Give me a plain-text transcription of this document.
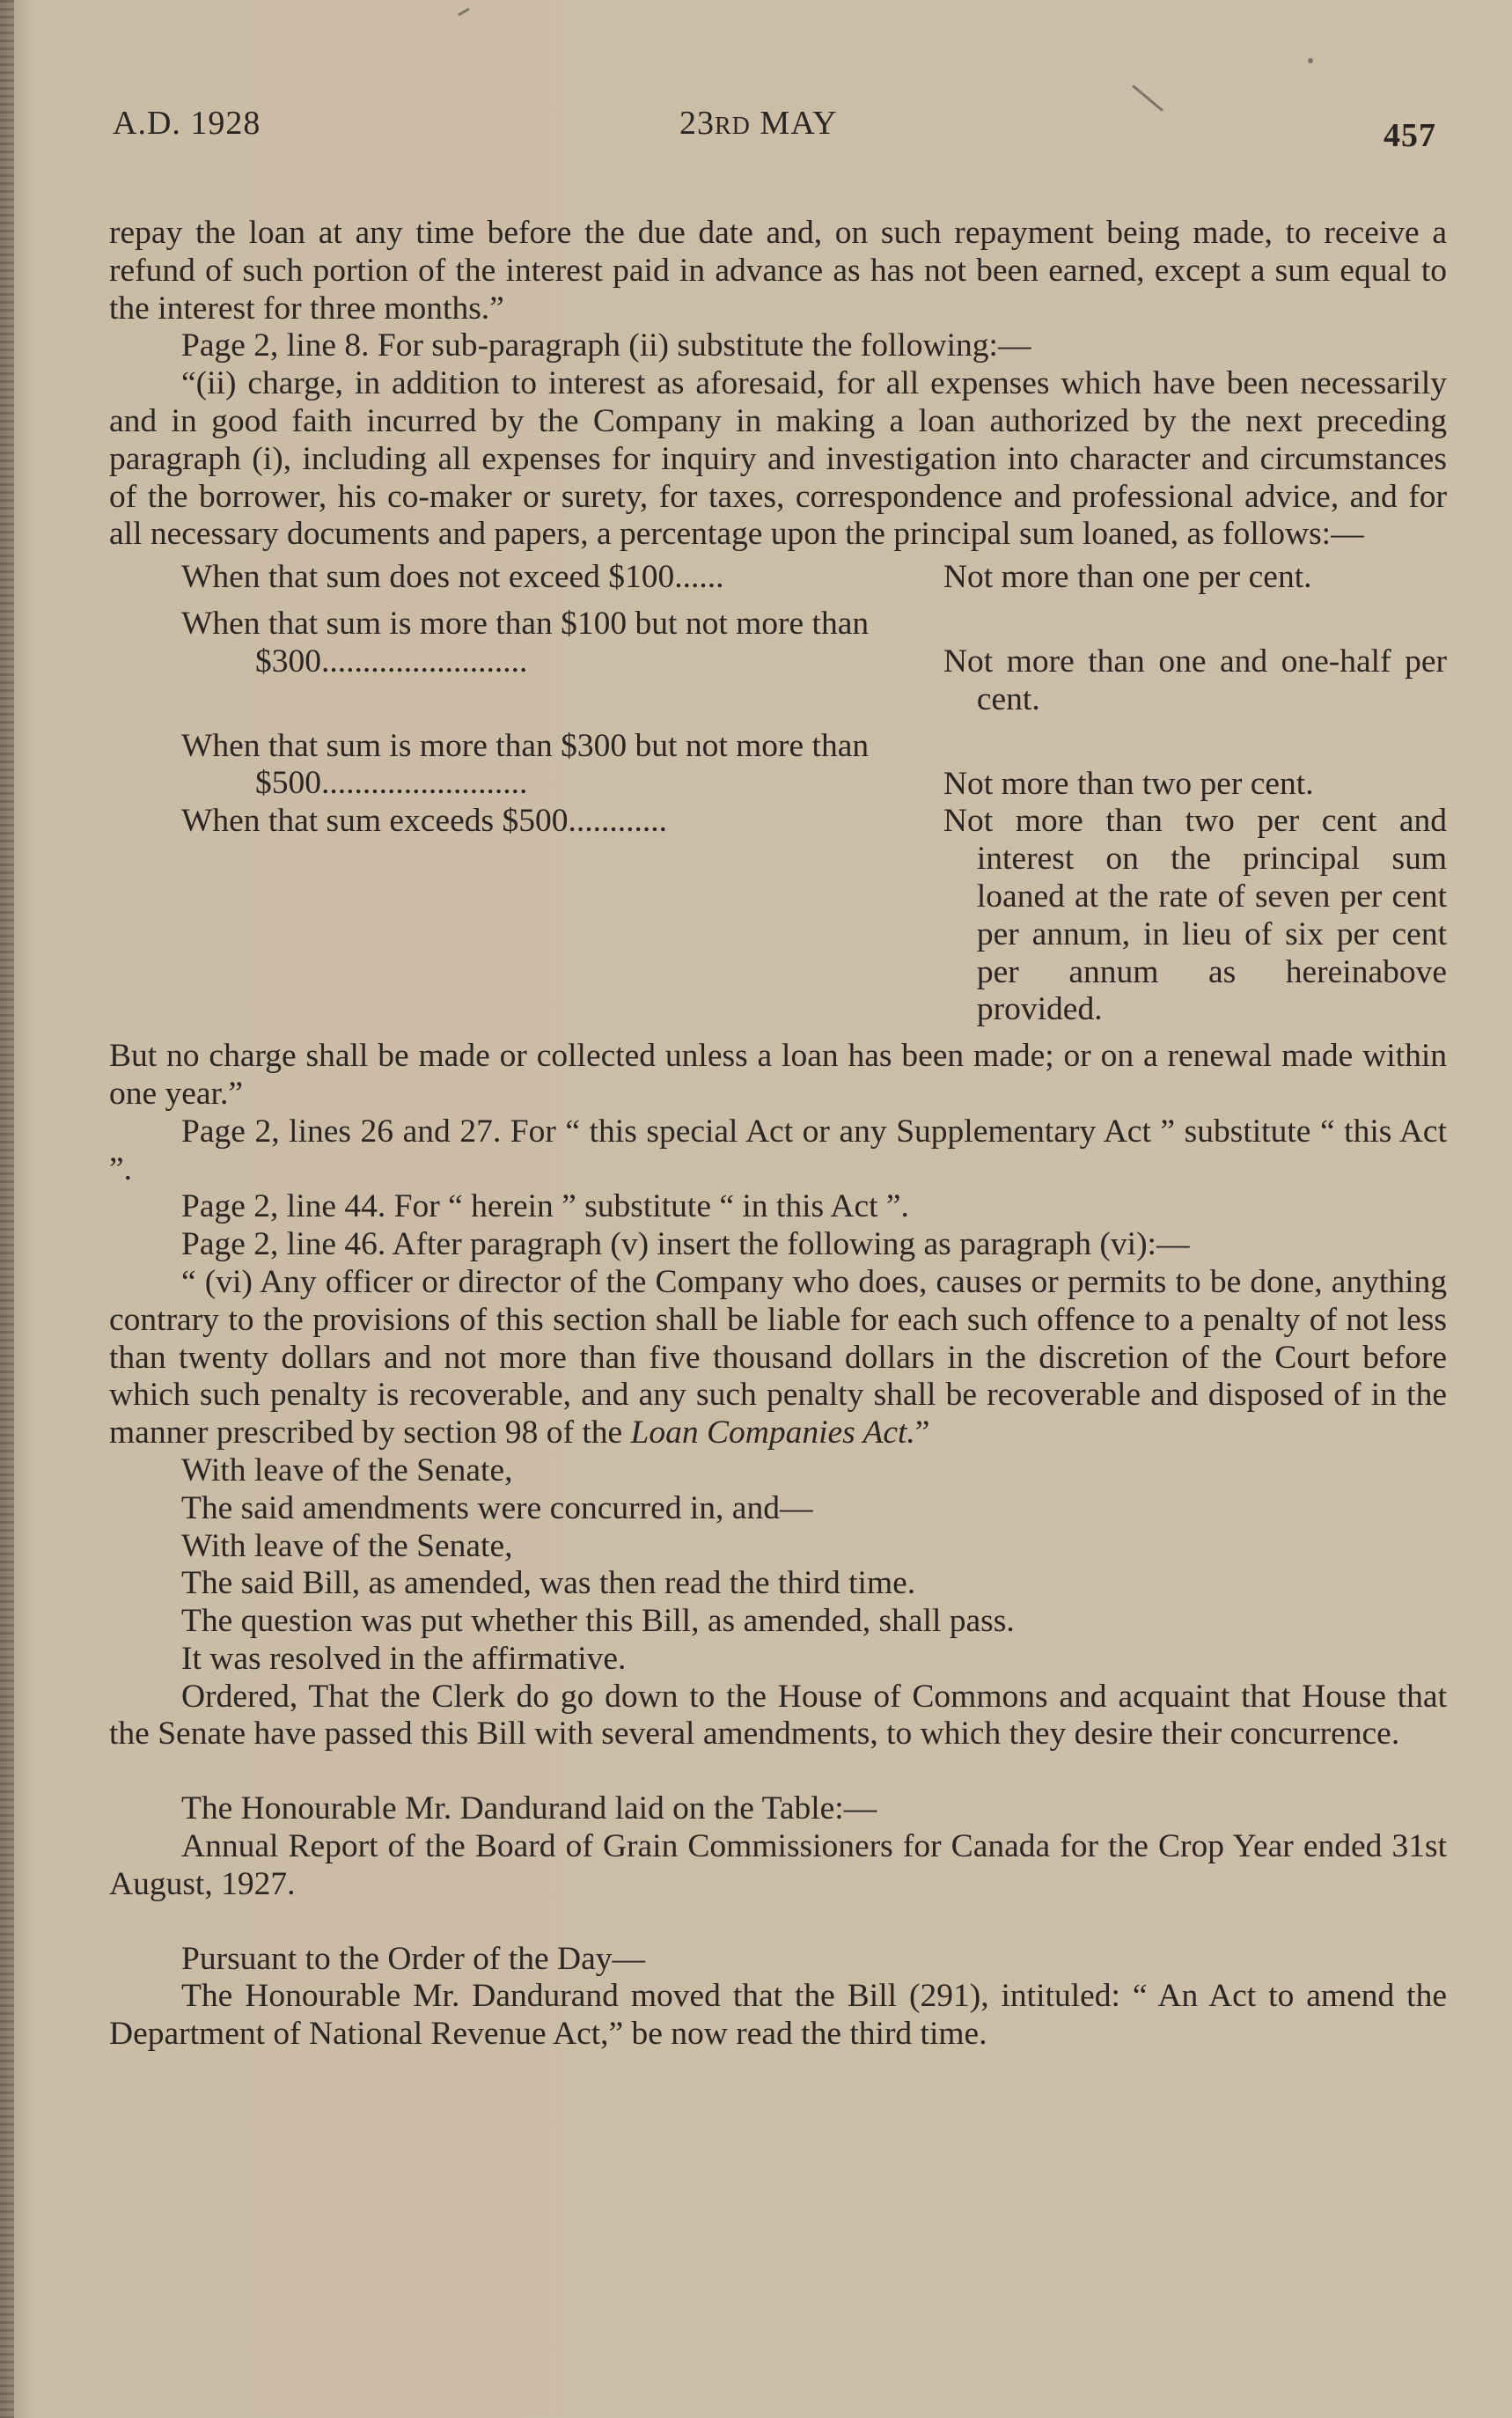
A.D. 1928	23RD MAY	457

repay the loan at any time before the due date and, on such repayment being made, to receive a refund of such portion of the interest paid in advance as has not been earned, except a sum equal to the interest for three months.”

Page 2, line 8. For sub-paragraph (ii) substitute the following:—

“(ii) charge, in addition to interest as aforesaid, for all expenses which have been necessarily and in good faith incurred by the Company in making a loan authorized by the next preceding paragraph (i), including all expenses for inquiry and investigation into character and circumstances of the borrower, his co-maker or surety, for taxes, correspondence and professional advice, and for all necessary documents and papers, a percentage upon the principal sum loaned, as follows:—

When that sum does not exceed $100......	Not more than one per cent.
When that sum is more than $100 but not more than $300.........................	Not more than one and one-half per cent.
When that sum is more than $300 but not more than $500.........................	Not more than two per cent.
When that sum exceeds $500............	Not more than two per cent and interest on the principal sum loaned at the rate of seven per cent per annum, in lieu of six per cent per annum as hereinabove provided.

But no charge shall be made or collected unless a loan has been made; or on a renewal made within one year.”

Page 2, lines 26 and 27. For “ this special Act or any Supplementary Act ” substitute “ this Act ”.

Page 2, line 44. For “ herein ” substitute “ in this Act ”.

Page 2, line 46. After paragraph (v) insert the following as paragraph (vi):—

“ (vi) Any officer or director of the Company who does, causes or permits to be done, anything contrary to the provisions of this section shall be liable for each such offence to a penalty of not less than twenty dollars and not more than five thousand dollars in the discretion of the Court before which such penalty is recoverable, and any such penalty shall be recoverable and disposed of in the manner prescribed by section 98 of the Loan Companies Act.”

With leave of the Senate,

The said amendments were concurred in, and—

With leave of the Senate,

The said Bill, as amended, was then read the third time.

The question was put whether this Bill, as amended, shall pass.

It was resolved in the affirmative.

Ordered, That the Clerk do go down to the House of Commons and acquaint that House that the Senate have passed this Bill with several amendments, to which they desire their concurrence.

The Honourable Mr. Dandurand laid on the Table:—

Annual Report of the Board of Grain Commissioners for Canada for the Crop Year ended 31st August, 1927.

Pursuant to the Order of the Day—

The Honourable Mr. Dandurand moved that the Bill (291), intituled: “ An Act to amend the Department of National Revenue Act,” be now read the third time.
